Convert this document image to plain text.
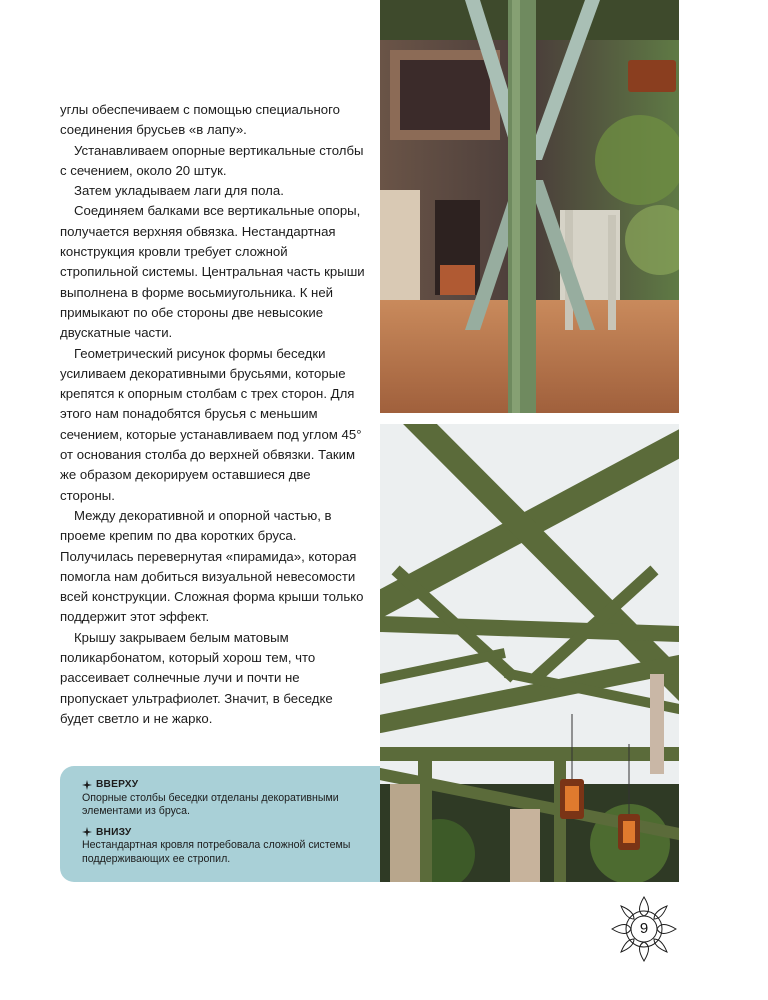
углы обеспечиваем с помощью специального соединения брусьев «в лапу».

Устанавливаем опорные вертикальные столбы с сечением, около 20 штук.

Затем укладываем лаги для пола.

Соединяем балками все вертикальные опоры, получается верхняя обвязка. Нестандартная конструкция кровли требует сложной стропильной системы. Центральная часть крыши выполнена в форме восьмиугольника. К ней примыкают по обе стороны две невысокие двускатные части.

Геометрический рисунок формы беседки усиливаем декоративными брусьями, которые крепятся к опорным столбам с трех сторон. Для этого нам понадобятся брусья с меньшим сечением, которые устанавливаем под углом 45° от основания столба до верхней обвязки. Таким же образом декорируем оставшиеся две стороны.

Между декоративной и опорной частью, в проеме крепим по два коротких бруса. Получилась перевернутая «пирамида», которая помогла нам добиться визуальной невесомости всей конструкции. Сложная форма крыши только поддержит этот эффект.

Крышу закрываем белым матовым поликарбонатом, который хорош тем, что рассеивает солнечные лучи и почти не пропускает ультрафиолет. Значит, в беседке будет светло и не жарко.

ВВЕРХУ

Опорные столбы беседки отделаны декоративными элементами из бруса.

ВНИЗУ

Нестандартная кровля потребовала сложной системы поддерживающих ее стропил.

9
